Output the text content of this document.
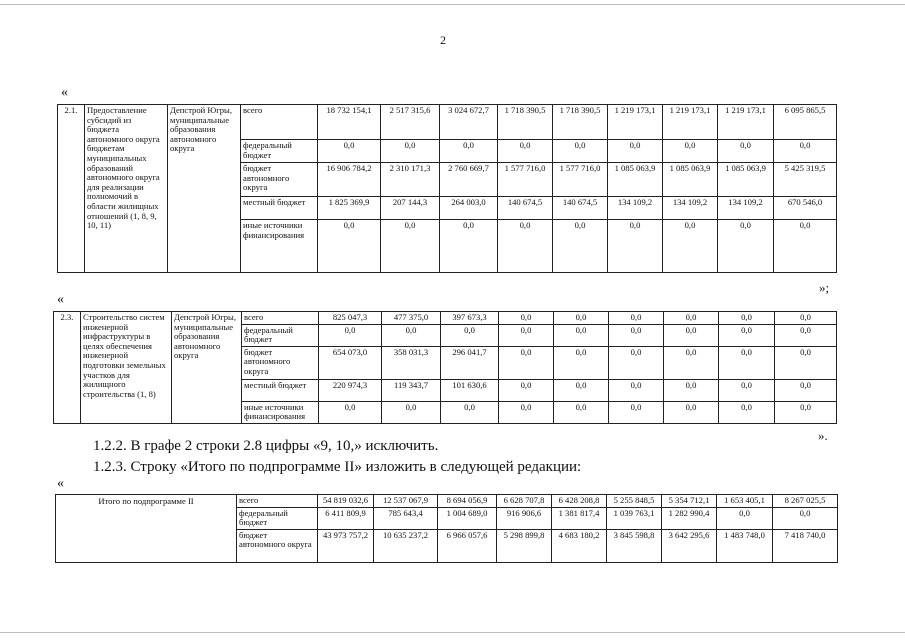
2
«
2.1.	Предоставление субсидий из бюджета автономного округа бюджетам муниципальных образований автономного округа для реализации полномочий в области жилищных отношений (1, 8, 9, 10, 11)	Депстрой Югры, муниципальные образования автономного округа	всего	18 732 154,1	2 517 315,6	3 024 672,7	1 718 390,5	1 718 390,5	1 219 173,1	1 219 173,1	1 219 173,1	6 095 865,5
			федеральный бюджет	0,0	0,0	0,0	0,0	0,0	0,0	0,0	0,0	0,0
			бюджет автономного округа	16 906 784,2	2 310 171,3	2 760 669,7	1 577 716,0	1 577 716,0	1 085 063,9	1 085 063,9	1 085 063,9	5 425 319,5
			местный бюджет	1 825 369,9	207 144,3	264 003,0	140 674,5	140 674,5	134 109,2	134 109,2	134 109,2	670 546,0
			иные источники финансирования	0,0	0,0	0,0	0,0	0,0	0,0	0,0	0,0	0,0
»;
«
2.3.	Строительство систем инженерной инфраструктуры в целях обеспечения инженерной подготовки земельных участков для жилищного строительства (1, 8)	Депстрой Югры, муниципальные образования автономного округа	всего	825 047,3	477 375,0	397 673,3	0,0	0,0	0,0	0,0	0,0	0,0
			федеральный бюджет	0,0	0,0	0,0	0,0	0,0	0,0	0,0	0,0	0,0
			бюджет автономного округа	654 073,0	358 031,3	296 041,7	0,0	0,0	0,0	0,0	0,0	0,0
			местный бюджет	220 974,3	119 343,7	101 630,6	0,0	0,0	0,0	0,0	0,0	0,0
			иные источники финансирования	0,0	0,0	0,0	0,0	0,0	0,0	0,0	0,0	0,0
».
1.2.2. В графе 2 строки 2.8 цифры «9, 10,» исключить.
1.2.3. Строку «Итого по подпрограмме II» изложить в следующей редакции:
«
Итого по подпрограмме II	всего	54 819 032,6	12 537 067,9	8 694 056,9	6 628 707,8	6 428 208,8	5 255 848,5	5 354 712,1	1 653 405,1	8 267 025,5
	федеральный бюджет	6 411 809,9	785 643,4	1 004 689,0	916 906,6	1 381 817,4	1 039 763,1	1 282 990,4	0,0	0,0
	бюджет автономного округа	43 973 757,2	10 635 237,2	6 966 057,6	5 298 899,8	4 683 180,2	3 845 598,8	3 642 295,6	1 483 748,0	7 418 740,0
